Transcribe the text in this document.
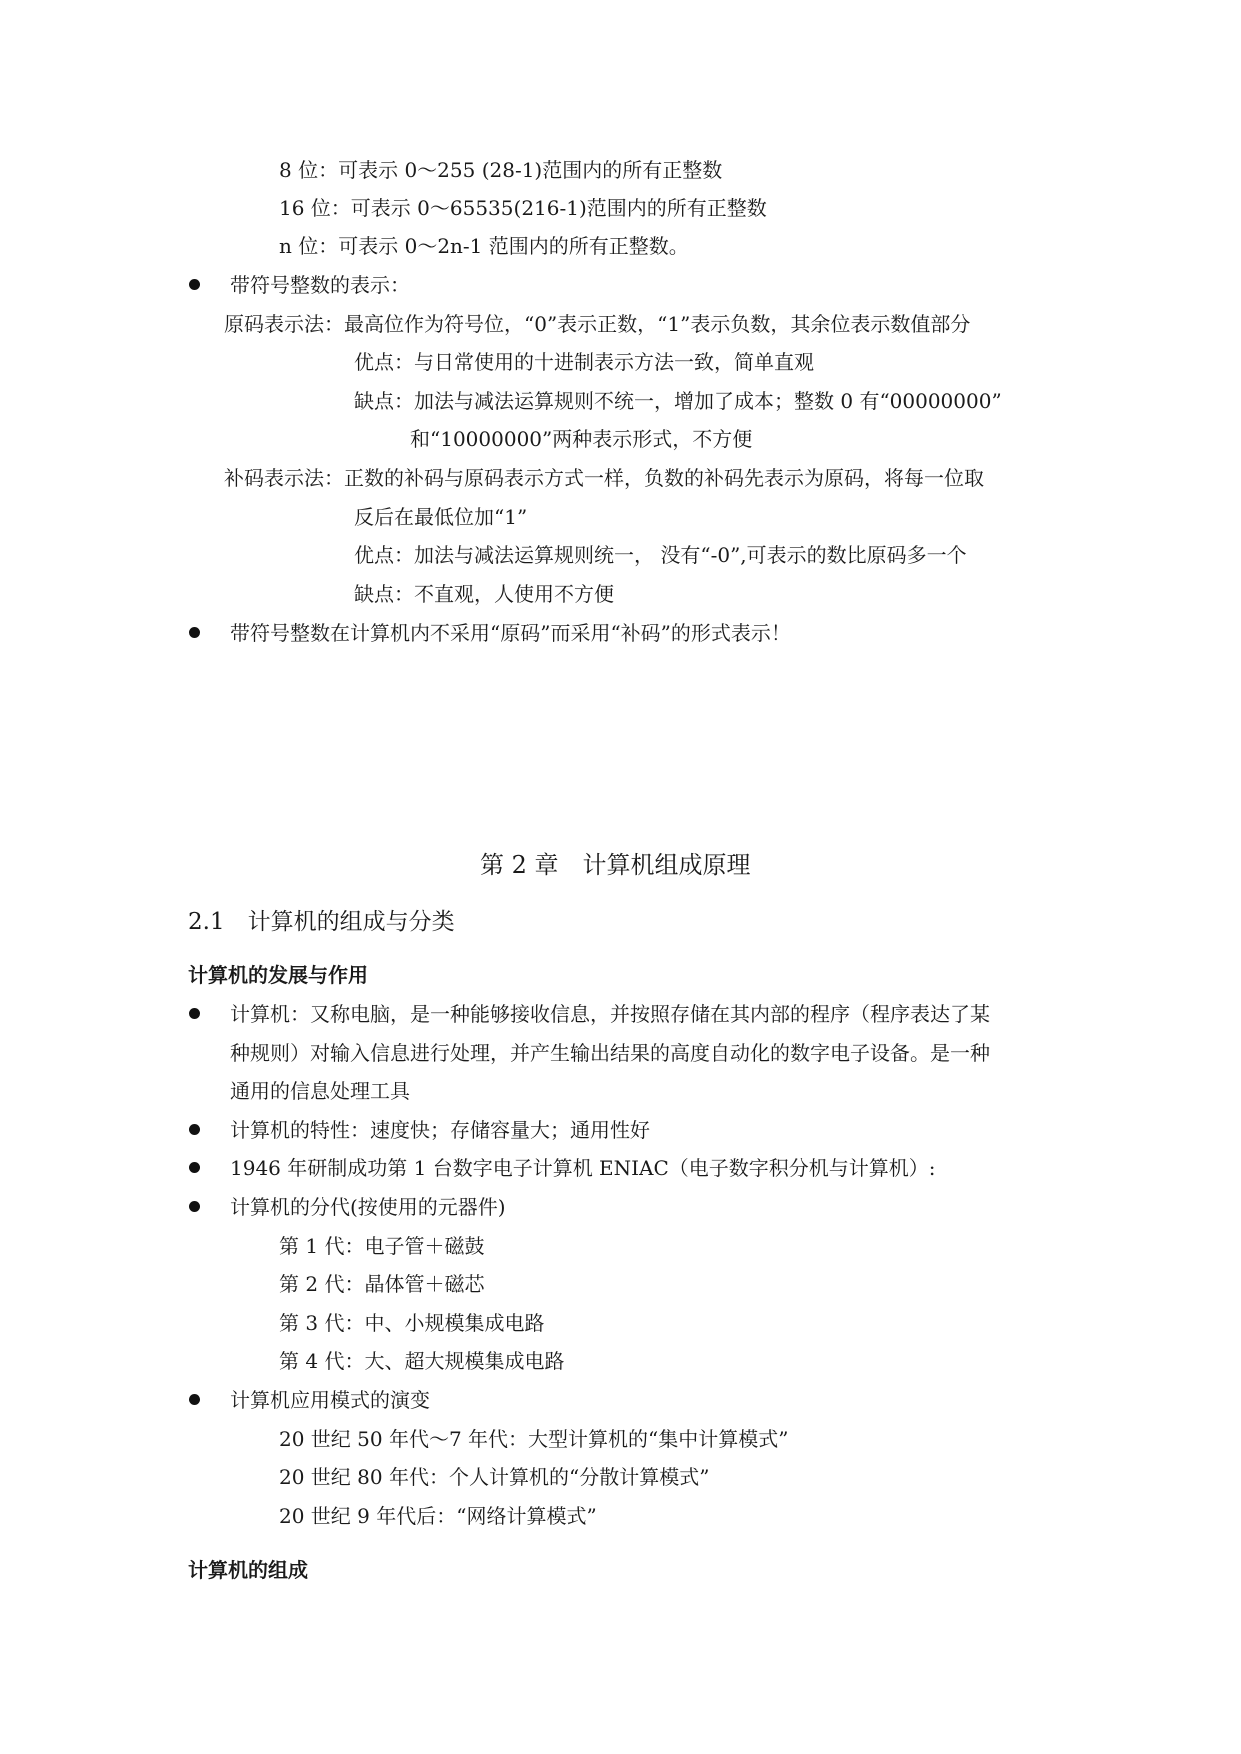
8 位：可表示 0～255 (28-1)范围内的所有正整数
16 位：可表示 0～65535(216-1)范围内的所有正整数
n 位：可表示 0～2n-1 范围内的所有正整数。
带符号整数的表示：
原码表示法：最高位作为符号位，“0”表示正数，“1”表示负数，其余位表示数值部分
优点：与日常使用的十进制表示方法一致，简单直观
缺点：加法与减法运算规则不统一，增加了成本；整数 0 有“00000000”
和“10000000”两种表示形式，不方便
补码表示法：正数的补码与原码表示方式一样，负数的补码先表示为原码，将每一位取
反后在最低位加“1”
优点：加法与减法运算规则统一， 没有“-0”,可表示的数比原码多一个
缺点：不直观，人使用不方便
带符号整数在计算机内不采用“原码”而采用“补码”的形式表示！
第 2 章　计算机组成原理
2.1　计算机的组成与分类
计算机的发展与作用
计算机：又称电脑，是一种能够接收信息，并按照存储在其内部的程序（程序表达了某
种规则）对输入信息进行处理，并产生输出结果的高度自动化的数字电子设备。是一种
通用的信息处理工具
计算机的特性：速度快；存储容量大；通用性好
1946 年研制成功第 1 台数字电子计算机 ENIAC（电子数字积分机与计算机）:
计算机的分代(按使用的元器件)
第 1 代：电子管＋磁鼓
第 2 代：晶体管＋磁芯
第 3 代：中、小规模集成电路
第 4 代：大、超大规模集成电路
计算机应用模式的演变
20 世纪 50 年代～7 年代：大型计算机的“集中计算模式”
20 世纪 80 年代：个人计算机的“分散计算模式”
20 世纪 9 年代后：“网络计算模式”
计算机的组成
